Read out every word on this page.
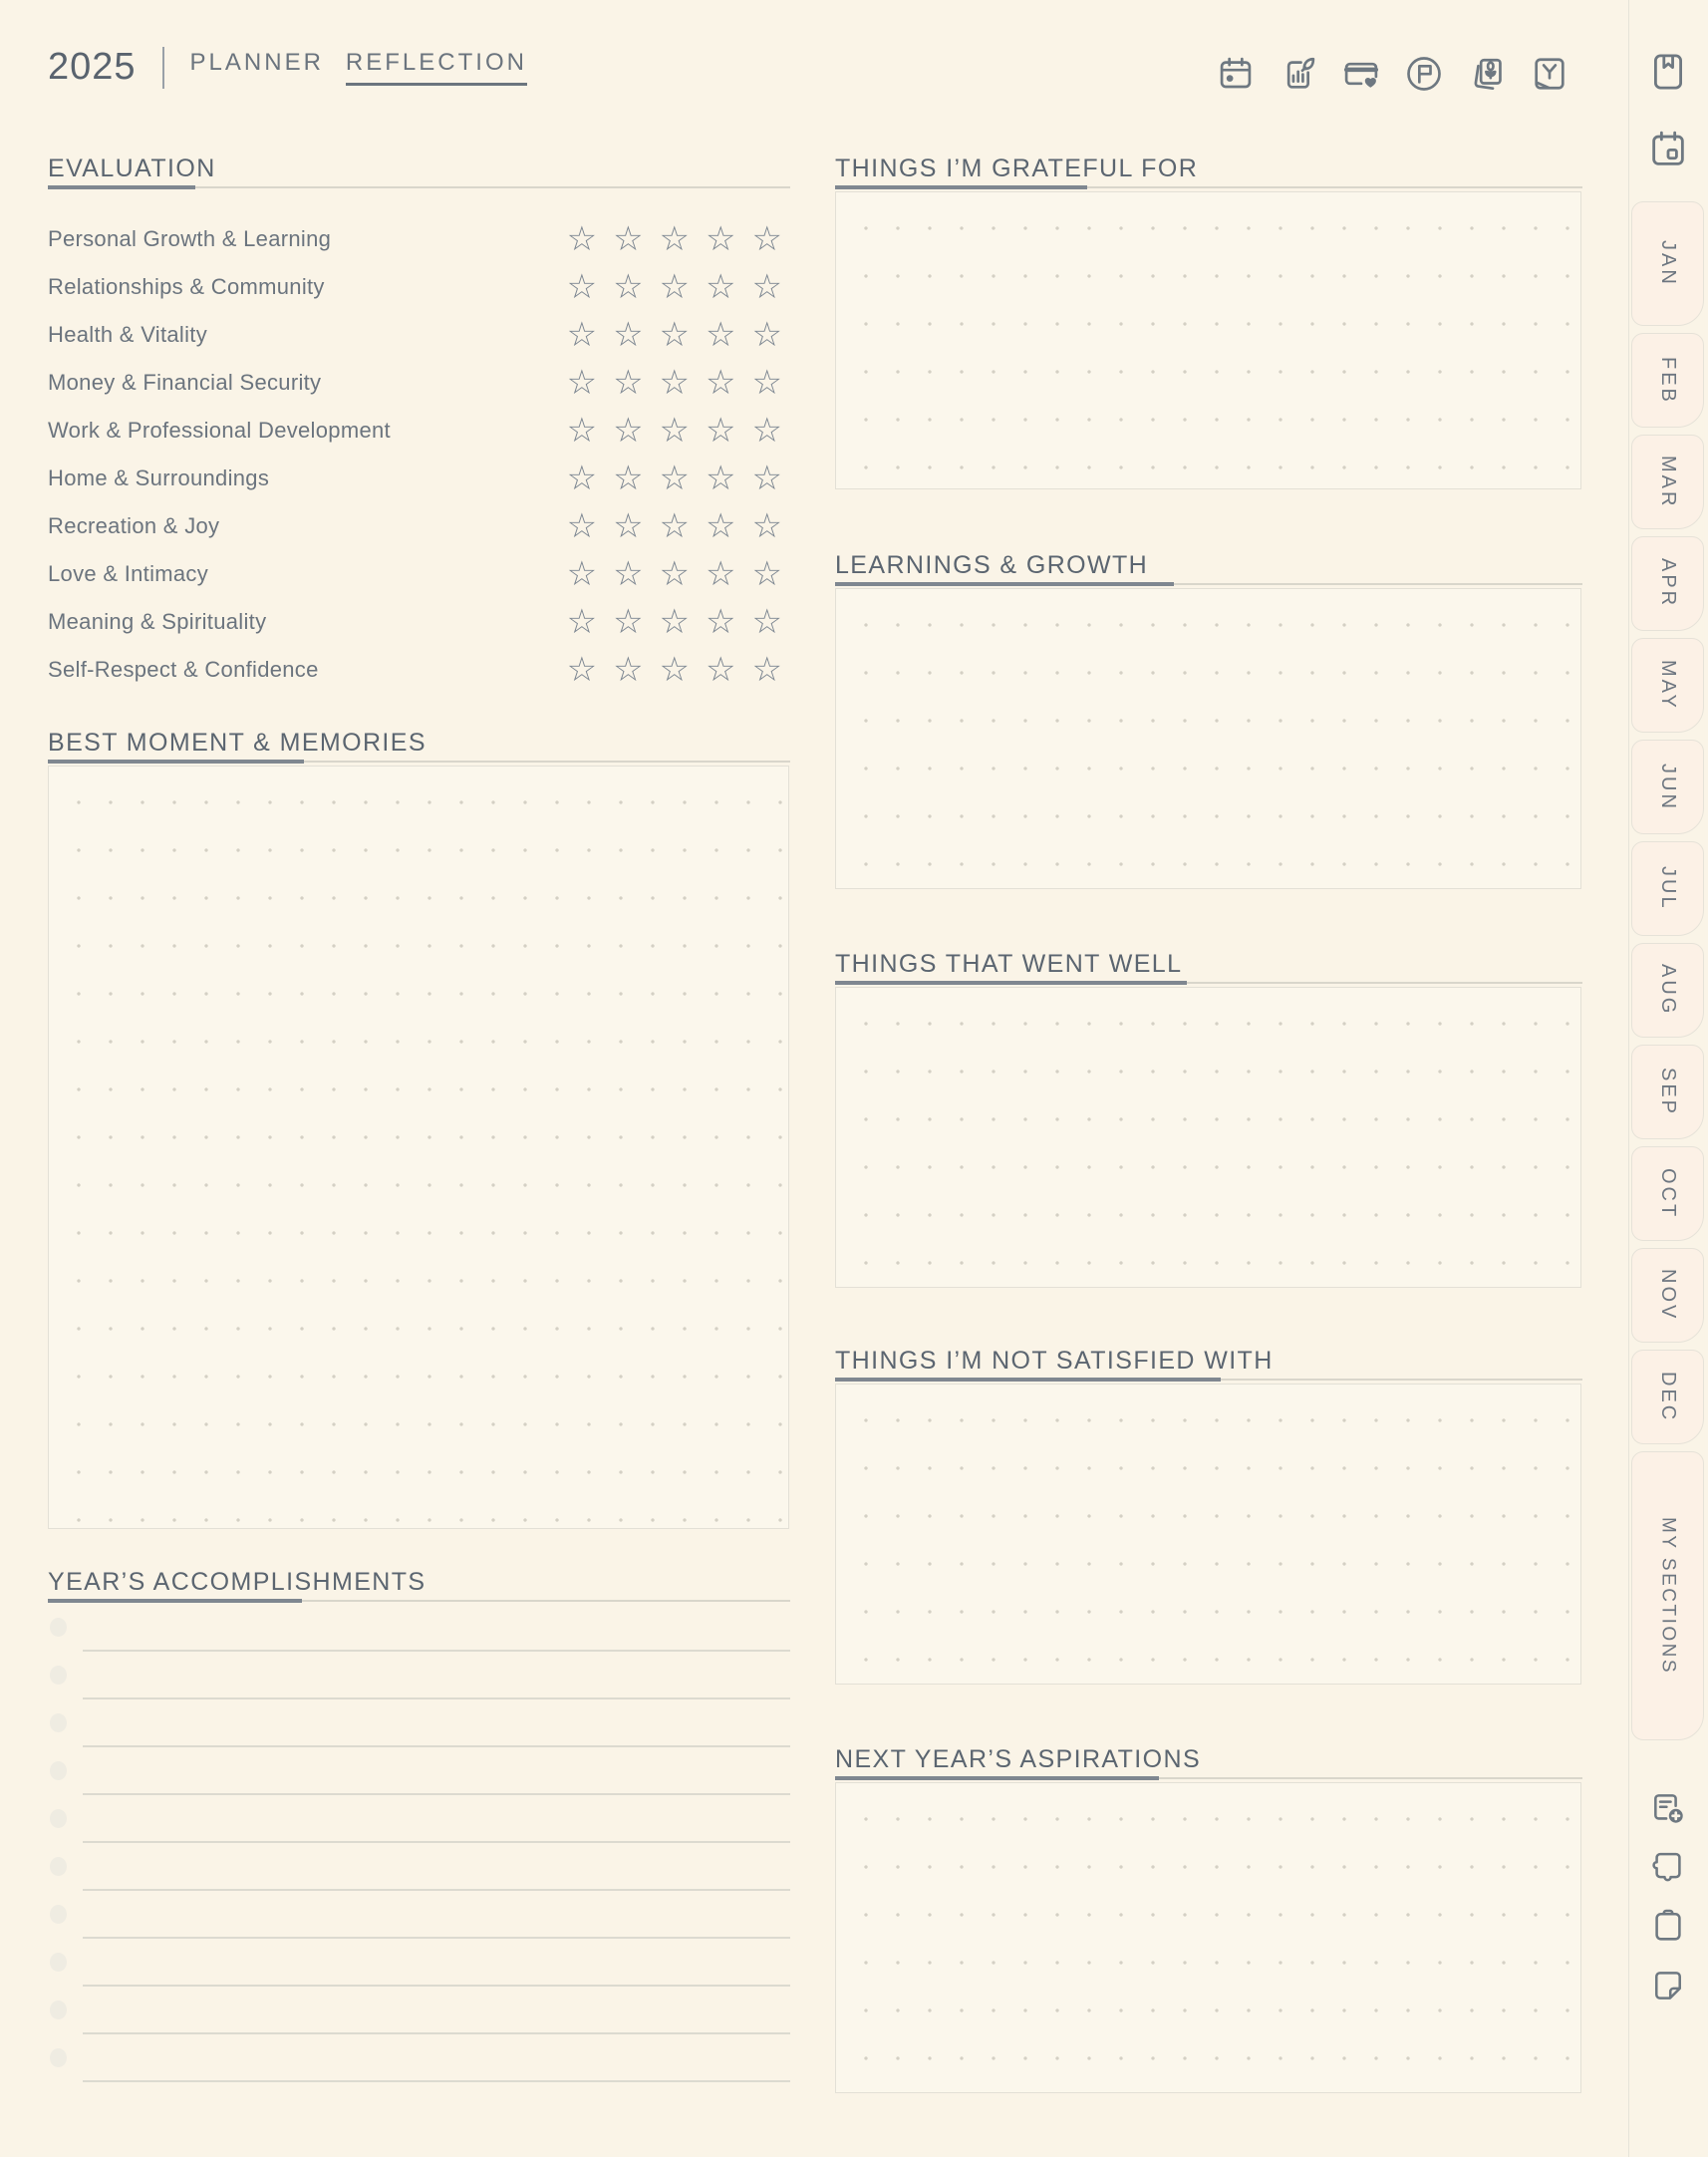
2025 PLANNER REFLECTION
EVALUATION
Personal Growth & Learning	☆ ☆ ☆ ☆ ☆
Relationships & Community	☆ ☆ ☆ ☆ ☆
Health & Vitality	☆ ☆ ☆ ☆ ☆
Money & Financial Security	☆ ☆ ☆ ☆ ☆
Work & Professional Development	☆ ☆ ☆ ☆ ☆
Home & Surroundings	☆ ☆ ☆ ☆ ☆
Recreation & Joy	☆ ☆ ☆ ☆ ☆
Love & Intimacy	☆ ☆ ☆ ☆ ☆
Meaning & Spirituality	☆ ☆ ☆ ☆ ☆
Self-Respect & Confidence	☆ ☆ ☆ ☆ ☆
BEST MOMENT & MEMORIES
YEAR’S ACCOMPLISHMENTS
THINGS I’M GRATEFUL FOR
LEARNINGS & GROWTH
THINGS THAT WENT WELL
THINGS I’M NOT SATISFIED WITH
NEXT YEAR’S ASPIRATIONS
JAN
FEB
MAR
APR
MAY
JUN
JUL
AUG
SEP
OCT
NOV
DEC
MY SECTIONS
